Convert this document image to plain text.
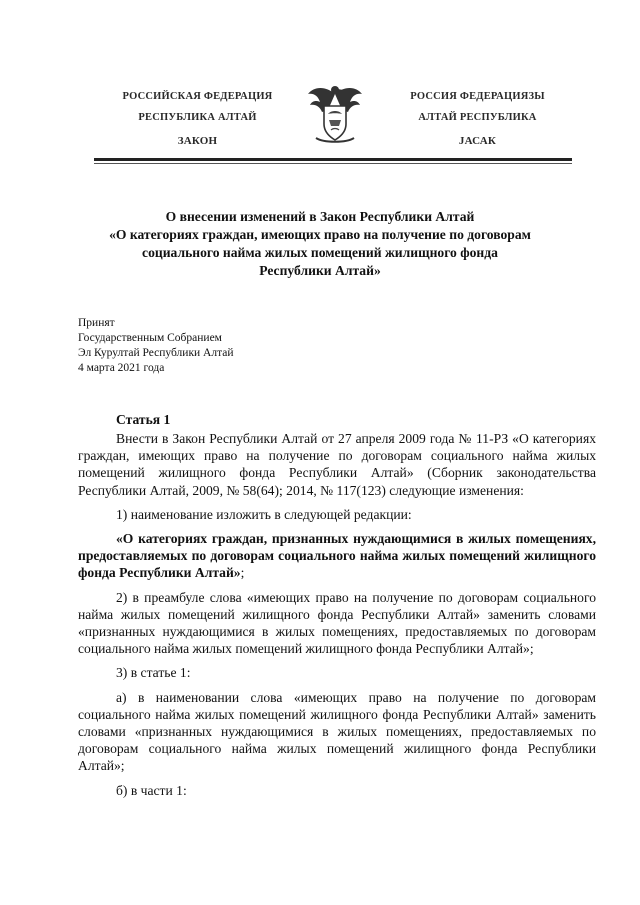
РОССИЙСКАЯ ФЕДЕРАЦИЯ
РЕСПУБЛИКА АЛТАЙ
ЗАКОН
РОССИЯ ФЕДЕРАЦИЯЗЫ
АЛТАЙ РЕСПУБЛИКА
ЈАСАК
О внесении изменений в Закон Республики Алтай
«О категориях граждан, имеющих право на получение по договорам
социального найма жилых помещений жилищного фонда
Республики Алтай»
Принят
Государственным Собранием
Эл Курултай Республики Алтай
4 марта 2021 года
Статья 1

Внести в Закон Республики Алтай от 27 апреля 2009 года № 11-РЗ «О категориях граждан, имеющих право на получение по договорам социального найма жилых помещений жилищного фонда Республики Алтай» (Сборник законодательства Республики Алтай, 2009, № 58(64); 2014, № 117(123) следующие изменения:

1) наименование изложить в следующей редакции:

«О категориях граждан, признанных нуждающимися в жилых помещениях, предоставляемых по договорам социального найма жилых помещений жилищного фонда Республики Алтай»;

2) в преамбуле слова «имеющих право на получение по договорам социального найма жилых помещений жилищного фонда Республики Алтай» заменить словами «признанных нуждающимися в жилых помещениях, предоставляемых по договорам социального найма жилых помещений жилищного фонда Республики Алтай»;

3) в статье 1:

а) в наименовании слова «имеющих право на получение по договорам социального найма жилых помещений жилищного фонда Республики Алтай» заменить словами «признанных нуждающимися в жилых помещениях, предоставляемых по договорам социального найма жилых помещений жилищного фонда Республики Алтай»;

б) в части 1:
